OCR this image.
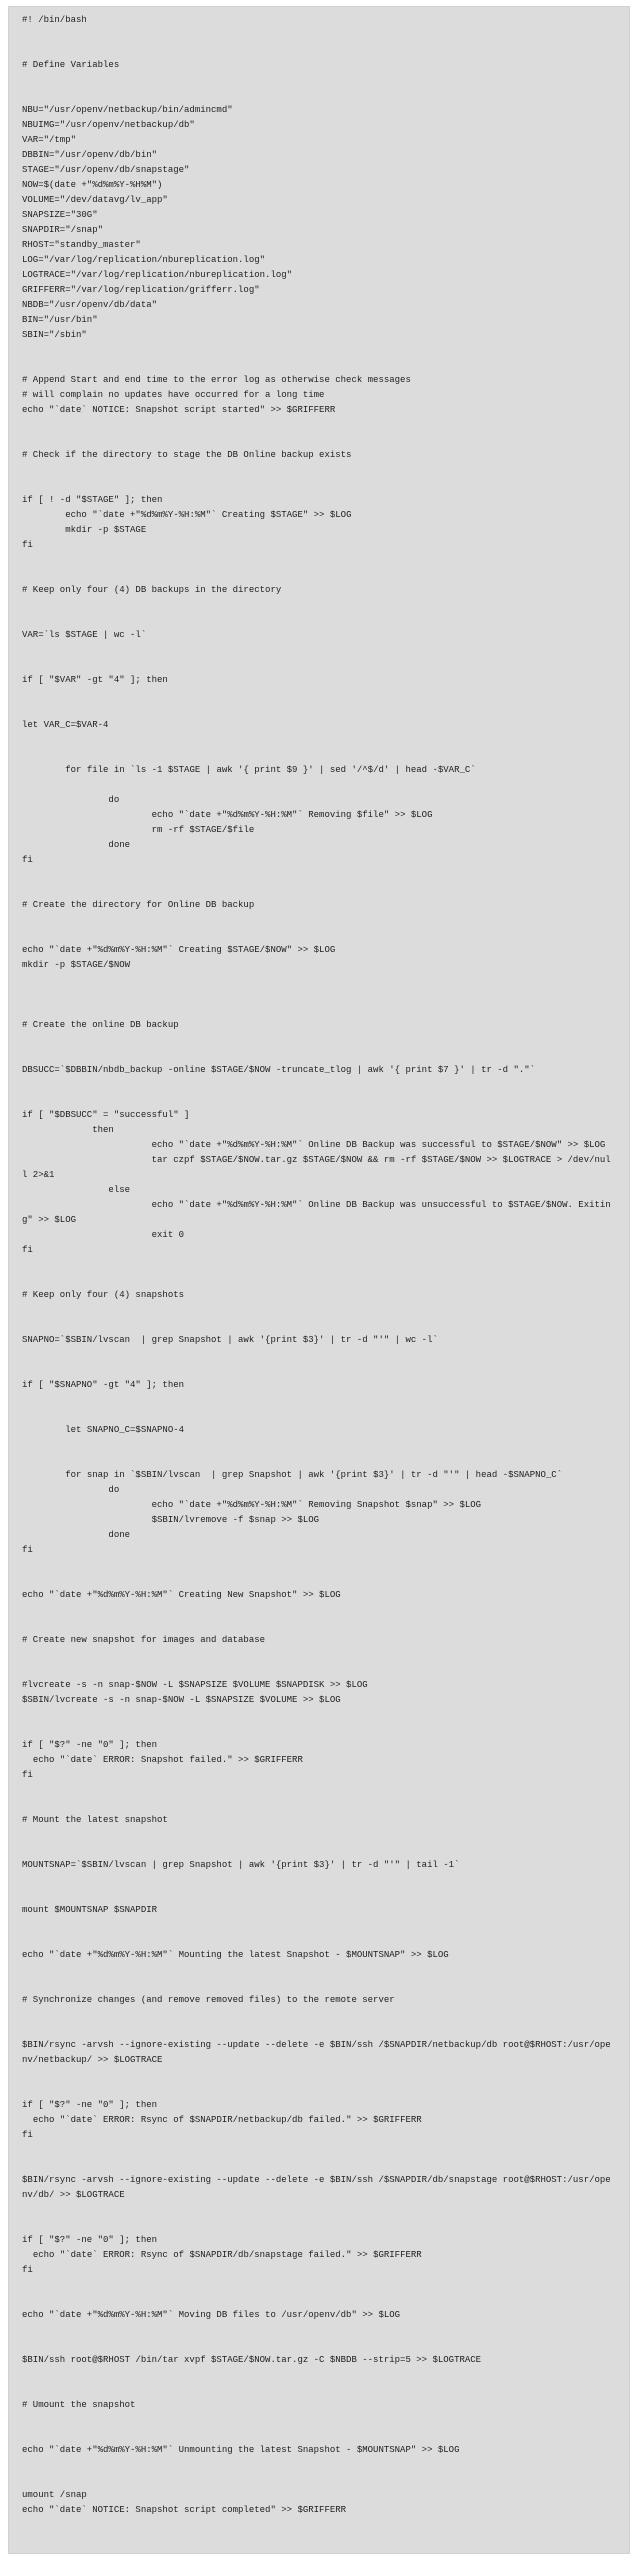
#! /bin/bash
# Define Variables
NBU="/usr/openv/netbackup/bin/admincmd"
NBUIMG="/usr/openv/netbackup/db"
VAR="/tmp"
DBBIN="/usr/openv/db/bin"
STAGE="/usr/openv/db/snapstage"
NOW=$(date +"%d%m%Y-%H%M")
VOLUME="/dev/datavg/lv_app"
SNAPSIZE="30G"
SNAPDIR="/snap"
RHOST="standby_master"
LOG="/var/log/replication/nbureplication.log"
LOGTRACE="/var/log/replication/nbureplication.log"
GRIFFERR="/var/log/replication/grifferr.log"
NBDB="/usr/openv/db/data"
BIN="/usr/bin"
SBIN="/sbin"
# Append Start and end time to the error log as otherwise check messages
# will complain no updates have occurred for a long time
echo "`date` NOTICE: Snapshot script started" >> $GRIFFERR
# Check if the directory to stage the DB Online backup exists
if [ ! -d "$STAGE" ]; then
echo "`date +"%d%m%Y-%H:%M"` Creating $STAGE" >> $LOG
mkdir -p $STAGE
fi
# Keep only four (4) DB backups in the directory
VAR=`ls $STAGE | wc -l`
if [ "$VAR" -gt "4" ]; then
let VAR_C=$VAR-4
for file in `ls -1 $STAGE | awk '{ print $9 }' | sed '/^$/d' | head -$VAR_C`
do
echo "`date +"%d%m%Y-%H:%M"` Removing $file" >> $LOG
rm -rf $STAGE/$file
done
fi
# Create the directory for Online DB backup
echo "`date +"%d%m%Y-%H:%M"` Creating $STAGE/$NOW" >> $LOG
mkdir -p $STAGE/$NOW
# Create the online DB backup
DBSUCC=`$DBBIN/nbdb_backup -online $STAGE/$NOW -truncate_tlog | awk '{ print $7 }' | tr -d "."`
if [ "$DBSUCC" = "successful" ]
then
echo "`date +"%d%m%Y-%H:%M"` Online DB Backup was successful to $STAGE/$NOW" >> $LOG
tar czpf $STAGE/$NOW.tar.gz $STAGE/$NOW && rm -rf $STAGE/$NOW >> $LOGTRACE > /dev/null 2>&1
else
echo "`date +"%d%m%Y-%H:%M"` Online DB Backup was unsuccessful to $STAGE/$NOW. Exiting" >> $LOG
exit 0
fi
# Keep only four (4) snapshots
SNAPNO=`$SBIN/lvscan  | grep Snapshot | awk '{print $3}' | tr -d "'" | wc -l`
if [ "$SNAPNO" -gt "4" ]; then
let SNAPNO_C=$SNAPNO-4
for snap in `$SBIN/lvscan  | grep Snapshot | awk '{print $3}' | tr -d "'" | head -$SNAPNO_C`
do
echo "`date +"%d%m%Y-%H:%M"` Removing Snapshot $snap" >> $LOG
$SBIN/lvremove -f $snap >> $LOG
done
fi
echo "`date +"%d%m%Y-%H:%M"` Creating New Snapshot" >> $LOG
# Create new snapshot for images and database
#lvcreate -s -n snap-$NOW -L $SNAPSIZE $VOLUME $SNAPDISK >> $LOG
$SBIN/lvcreate -s -n snap-$NOW -L $SNAPSIZE $VOLUME >> $LOG
if [ "$?" -ne "0" ]; then
echo "`date` ERROR: Snapshot failed." >> $GRIFFERR
fi
# Mount the latest snapshot
MOUNTSNAP=`$SBIN/lvscan | grep Snapshot | awk '{print $3}' | tr -d "'" | tail -1`
mount $MOUNTSNAP $SNAPDIR
echo "`date +"%d%m%Y-%H:%M"` Mounting the latest Snapshot - $MOUNTSNAP" >> $LOG
# Synchronize changes (and remove removed files) to the remote server
$BIN/rsync -arvsh --ignore-existing --update --delete -e $BIN/ssh /$SNAPDIR/netbackup/db root@$RHOST:/usr/openv/netbackup/ >> $LOGTRACE
if [ "$?" -ne "0" ]; then
echo "`date` ERROR: Rsync of $SNAPDIR/netbackup/db failed." >> $GRIFFERR
fi
$BIN/rsync -arvsh --ignore-existing --update --delete -e $BIN/ssh /$SNAPDIR/db/snapstage root@$RHOST:/usr/openv/db/ >> $LOGTRACE
if [ "$?" -ne "0" ]; then
echo "`date` ERROR: Rsync of $SNAPDIR/db/snapstage failed." >> $GRIFFERR
fi
echo "`date +"%d%m%Y-%H:%M"` Moving DB files to /usr/openv/db" >> $LOG
$BIN/ssh root@$RHOST /bin/tar xvpf $STAGE/$NOW.tar.gz -C $NBDB --strip=5 >> $LOGTRACE
# Umount the snapshot
echo "`date +"%d%m%Y-%H:%M"` Unmounting the latest Snapshot - $MOUNTSNAP" >> $LOG
umount /snap
echo "`date` NOTICE: Snapshot script completed" >> $GRIFFERR
